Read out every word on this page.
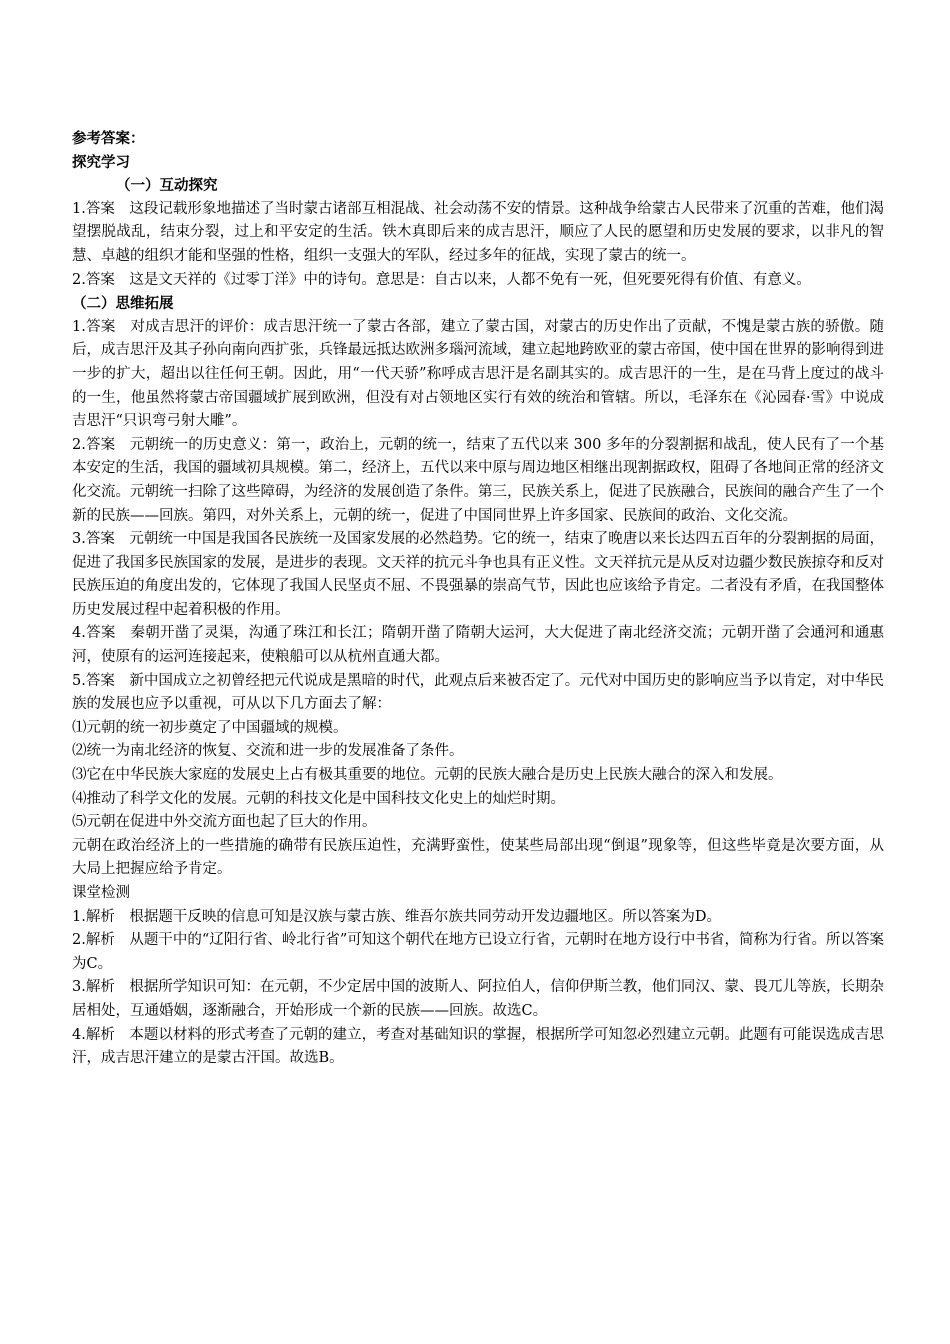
参考答案：

探究学习

（一）互动探究

1.答案　这段记载形象地描述了当时蒙古诸部互相混战、社会动荡不安的情景。这种战争给蒙古人民带来了沉重的苦难，他们渴望摆脱战乱，结束分裂，过上和平安定的生活。铁木真即后来的成吉思汗，顺应了人民的愿望和历史发展的要求，以非凡的智慧、卓越的组织才能和坚强的性格，组织一支强大的军队，经过多年的征战，实现了蒙古的统一。

2.答案　这是文天祥的《过零丁洋》中的诗句。意思是：自古以来，人都不免有一死，但死要死得有价值、有意义。

（二）思维拓展

1.答案　对成吉思汗的评价：成吉思汗统一了蒙古各部，建立了蒙古国，对蒙古的历史作出了贡献，不愧是蒙古族的骄傲。随后，成吉思汗及其子孙向南向西扩张，兵锋最远抵达欧洲多瑙河流域，建立起地跨欧亚的蒙古帝国，使中国在世界的影响得到进一步的扩大，超出以往任何王朝。因此，用“一代天骄”称呼成吉思汗是名副其实的。成吉思汗的一生，是在马背上度过的战斗的一生，他虽然将蒙古帝国疆域扩展到欧洲，但没有对占领地区实行有效的统治和管辖。所以，毛泽东在《沁园春·雪》中说成吉思汗“只识弯弓射大雕”。

2.答案　元朝统一的历史意义：第一，政治上，元朝的统一，结束了五代以来 300 多年的分裂割据和战乱，使人民有了一个基本安定的生活，我国的疆域初具规模。第二，经济上，五代以来中原与周边地区相继出现割据政权，阻碍了各地间正常的经济文化交流。元朝统一扫除了这些障碍，为经济的发展创造了条件。第三，民族关系上，促进了民族融合，民族间的融合产生了一个新的民族——回族。第四，对外关系上，元朝的统一，促进了中国同世界上许多国家、民族间的政治、文化交流。

3.答案　元朝统一中国是我国各民族统一及国家发展的必然趋势。它的统一，结束了晚唐以来长达四五百年的分裂割据的局面，促进了我国多民族国家的发展，是进步的表现。文天祥的抗元斗争也具有正义性。文天祥抗元是从反对边疆少数民族掠夺和反对民族压迫的角度出发的，它体现了我国人民坚贞不屈、不畏强暴的崇高气节，因此也应该给予肯定。二者没有矛盾，在我国整体历史发展过程中起着积极的作用。

4.答案　秦朝开凿了灵渠，沟通了珠江和长江；隋朝开凿了隋朝大运河，大大促进了南北经济交流；元朝开凿了会通河和通惠河，使原有的运河连接起来，使粮船可以从杭州直通大都。

5.答案　新中国成立之初曾经把元代说成是黑暗的时代，此观点后来被否定了。元代对中国历史的影响应当予以肯定，对中华民族的发展也应予以重视，可从以下几方面去了解：

⑴元朝的统一初步奠定了中国疆域的规模。

⑵统一为南北经济的恢复、交流和进一步的发展准备了条件。

⑶它在中华民族大家庭的发展史上占有极其重要的地位。元朝的民族大融合是历史上民族大融合的深入和发展。

⑷推动了科学文化的发展。元朝的科技文化是中国科技文化史上的灿烂时期。

⑸元朝在促进中外交流方面也起了巨大的作用。

元朝在政治经济上的一些措施的确带有民族压迫性，充满野蛮性，使某些局部出现“倒退”现象等，但这些毕竟是次要方面，从大局上把握应给予肯定。

课堂检测

1.解析　根据题干反映的信息可知是汉族与蒙古族、维吾尔族共同劳动开发边疆地区。所以答案为D。

2.解析　从题干中的“辽阳行省、岭北行省”可知这个朝代在地方已设立行省，元朝时在地方设行中书省，简称为行省。所以答案为C。

3.解析　根据所学知识可知：在元朝，不少定居中国的波斯人、阿拉伯人，信仰伊斯兰教，他们同汉、蒙、畏兀儿等族，长期杂居相处，互通婚姻，逐渐融合，开始形成一个新的民族——回族。故选C。

4.解析　本题以材料的形式考查了元朝的建立，考查对基础知识的掌握，根据所学可知忽必烈建立元朝。此题有可能误选成吉思汗，成吉思汗建立的是蒙古汗国。故选B。
